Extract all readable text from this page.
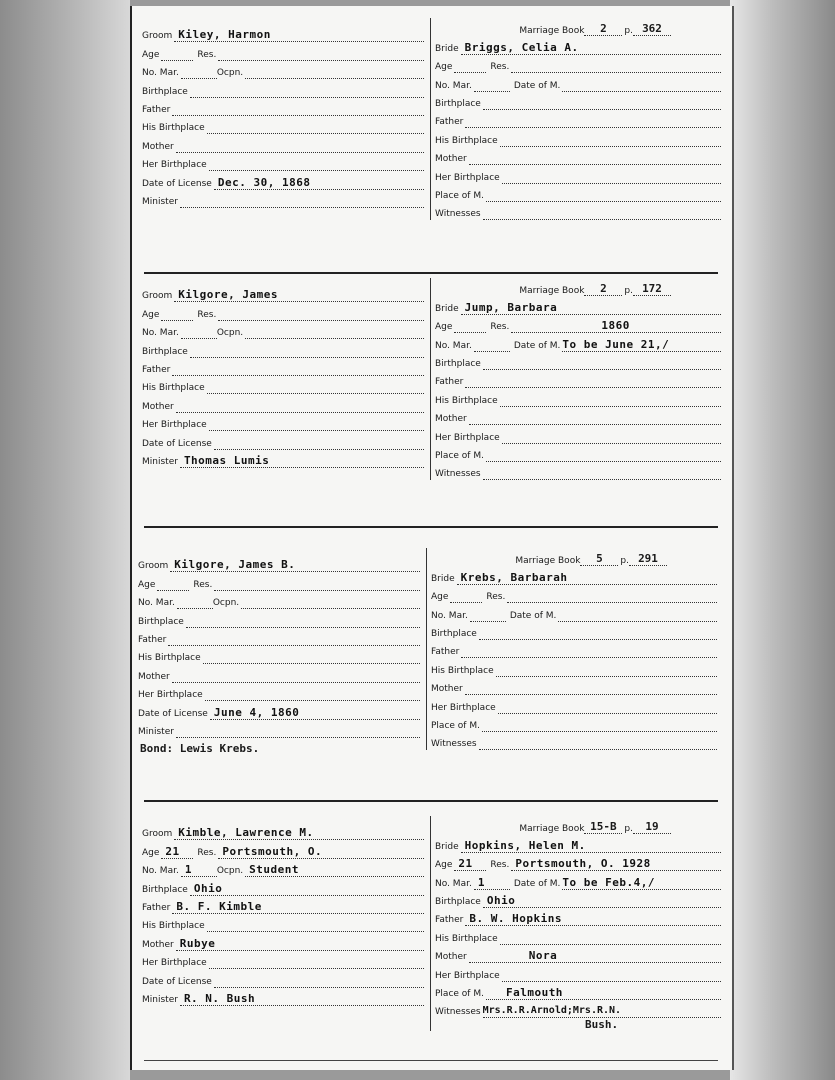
Groom Kiley, Harmon
Age	Res.
No. Mar.	Ocpn.
Birthplace
Father
His Birthplace
Mother
Her Birthplace
Date of License Dec. 30, 1868
Minister
Marriage Book	2	p. 362
Bride Briggs, Celia A.
Age	Res.
No. Mar.	Date of M.
Birthplace
Father
His Birthplace
Mother
Her Birthplace
Place of M.
Witnesses
Groom Kilgore, James
Age	Res.
No. Mar.	Ocpn.
Birthplace
Father
His Birthplace
Mother
Her Birthplace
Date of License
Minister Thomas Lumis
Marriage Book	2	p. 172
Bride Jump, Barbara
Age	Res.	1860
No. Mar.	Date of M. To be June 21,/
Birthplace
Father
His Birthplace
Mother
Her Birthplace
Place of M.
Witnesses
Groom Kilgore, James B.
Age	Res.
No. Mar.	Ocpn.
Birthplace
Father
His Birthplace
Mother
Her Birthplace
Date of License June 4, 1860
Minister
Bond: Lewis Krebs.
Marriage Book	5	p. 291
Bride Krebs, Barbarah
Age	Res.
No. Mar.	Date of M.
Birthplace
Father
His Birthplace
Mother
Her Birthplace
Place of M.
Witnesses
Groom Kimble, Lawrence M.
Age 21 Res. Portsmouth, O.
No. Mar. 1	Ocpn. Student
Birthplace Ohio
Father B. F. Kimble
His Birthplace
Mother Rubye
Her Birthplace
Date of License
Minister R. N. Bush
Marriage Book 15-B p.	19
Bride Hopkins, Helen M.
Age 21 Res. Portsmouth, O. 1928
No. Mar. 1	Date of M. To be Feb.4,/
Birthplace Ohio
Father B. W. Hopkins
His Birthplace
Mother	Nora
Her Birthplace
Place of M. Falmouth
Witnesses Mrs.R.R.Arnold;Mrs.R.N.
Bush.
